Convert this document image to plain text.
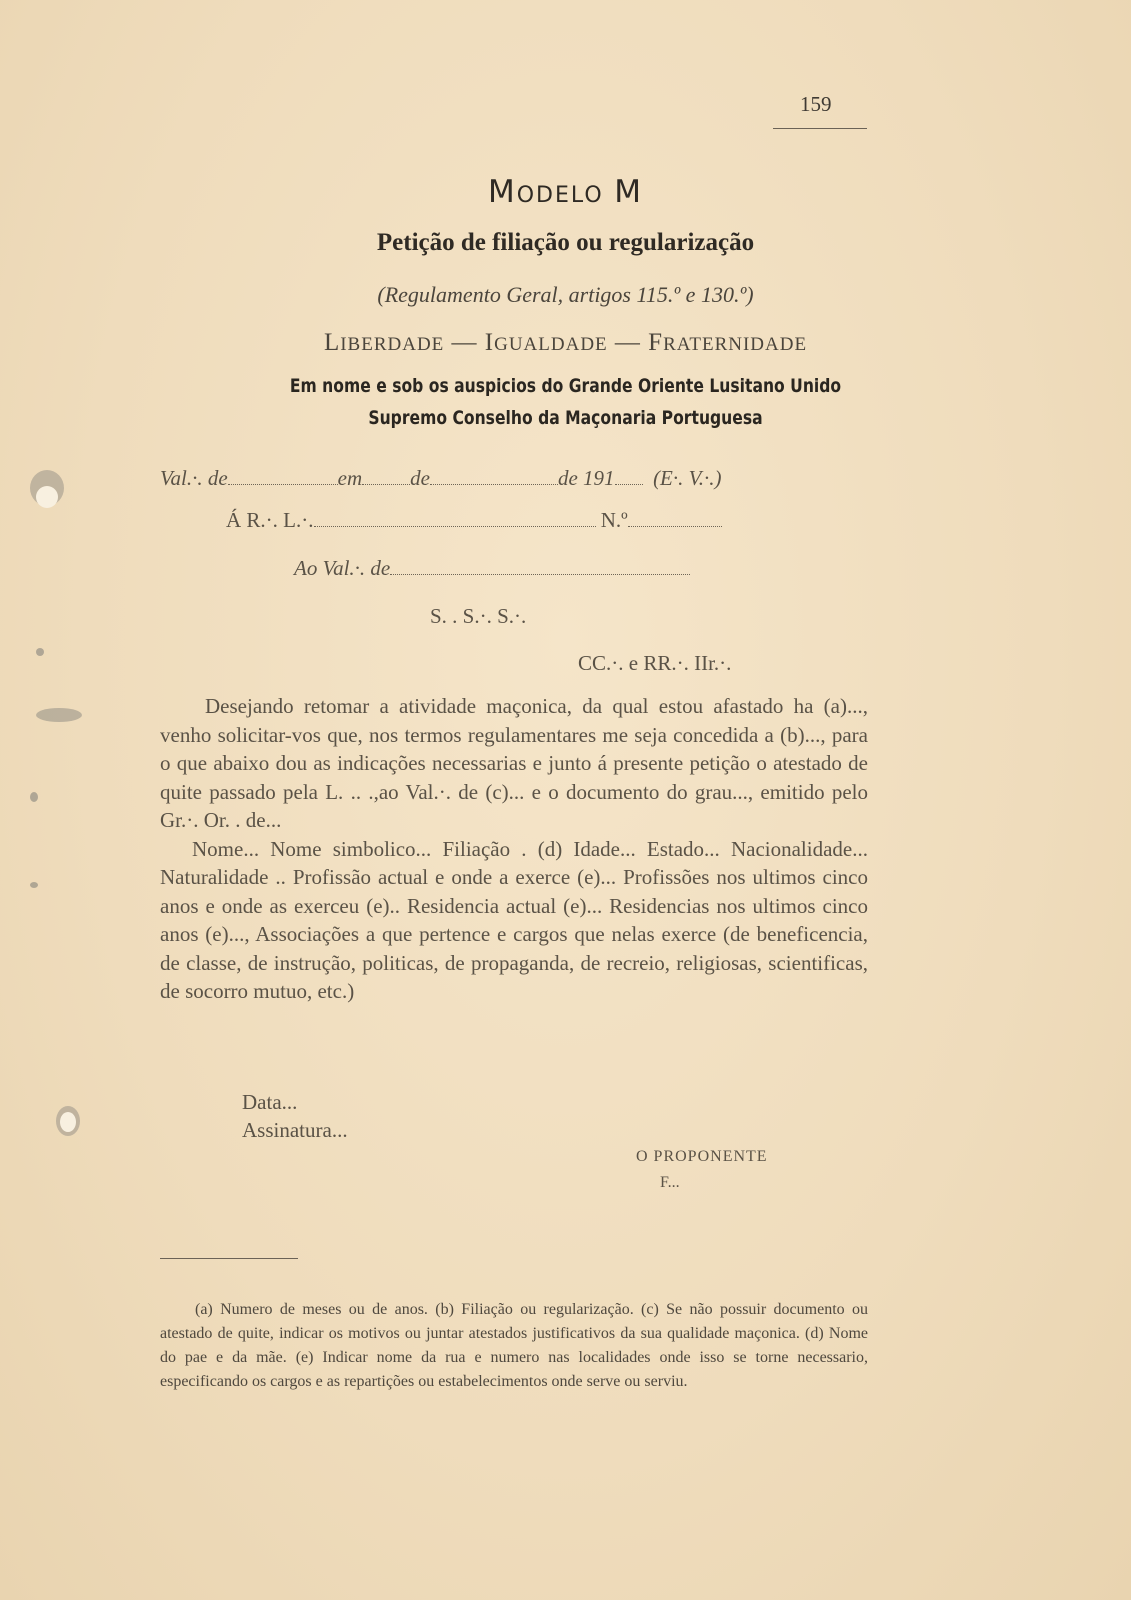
159
MODELO M
Petição de filiação ou regularização
(Regulamento Geral, artigos 115.º e 130.º)
LIBERDADE — IGUALDADE — FRATERNIDADE
Em nome e sob os auspicios do Grande Oriente Lusitano Unido
Supremo Conselho da Maçonaria Portuguesa
Val.·. de	em de	de 191 (E·. V.·.)
Á R.·. L.·.	N.º
Ao Val.·. de
S. . S.·. S.·.
CC.·. e RR.·. IIr.·.

Desejando retomar a atividade maçonica, da qual estou afastado ha (a)..., venho solicitar-vos que, nos termos regulamentares me seja concedida a (b)..., para o que abaixo dou as indicações necessarias e junto á presente petição o atestado de quite passado pela L. .. .,ao Val.·. de (c)... e o documento do grau..., emitido pelo Gr.·. Or. . de...

Nome... Nome simbolico... Filiação . (d) Idade... Estado... Nacionalidade... Naturalidade .. Profissão actual e onde a exerce (e)... Profissões nos ultimos cinco anos e onde as exerceu (e).. Residencia actual (e)... Residencias nos ultimos cinco anos (e)..., Associações a que pertence e cargos que nelas exerce (de beneficencia, de classe, de instrução, politicas, de propaganda, de recreio, religiosas, scientificas, de socorro mutuo, etc.)

Data...
Assinatura...
O PROPONENTE
F...

(a) Numero de meses ou de anos. (b) Filiação ou regularização. (c) Se não possuir documento ou atestado de quite, indicar os motivos ou juntar atestados justificativos da sua qualidade maçonica. (d) Nome do pae e da mãe. (e) Indicar nome da rua e numero nas localidades onde isso se torne necessario, especificando os cargos e as repartições ou estabelecimentos onde serve ou serviu.
